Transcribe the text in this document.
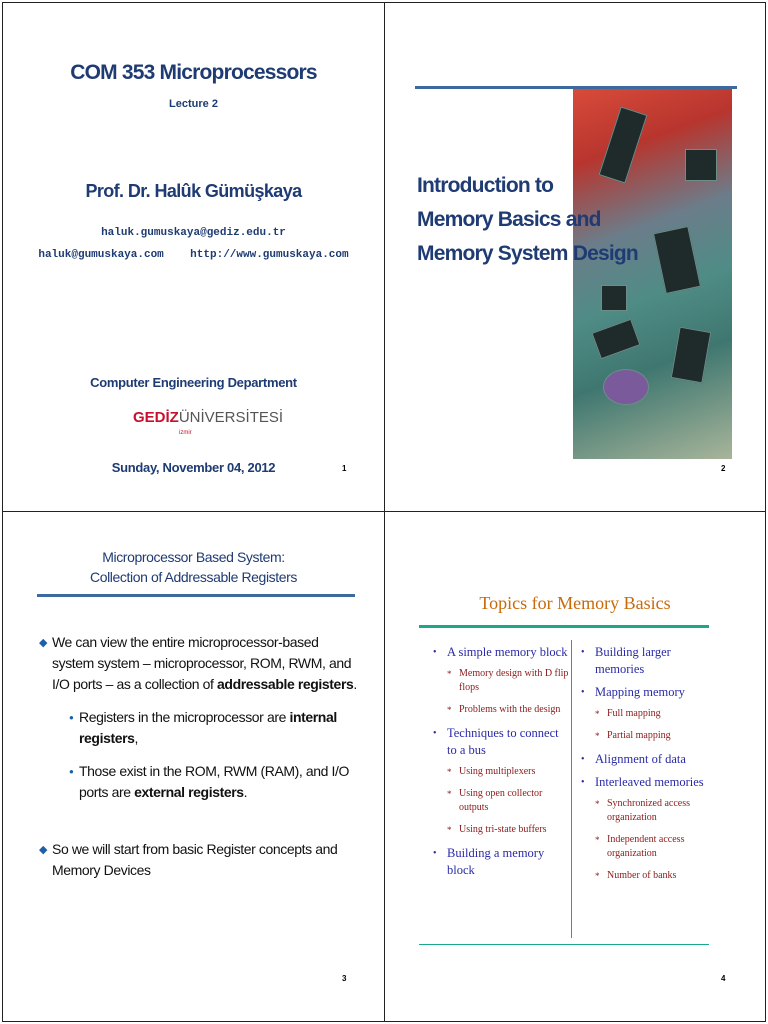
COM 353 Microprocessors
Lecture 2
Prof. Dr. Halûk Gümüşkaya
haluk.gumuskaya@gediz.edu.tr
haluk@gumuskaya.com    http://www.gumuskaya.com
Computer Engineering Department
GEDİZÜNİVERSİTESİ
izmir
Sunday, November 04, 2012	1
Introduction to
Memory Basics and
Memory System Design
2
Microprocessor Based System:
Collection of Addressable Registers
◆ We can view the entire microprocessor-based system system – microprocessor, ROM, RWM, and I/O ports – as a collection of addressable registers.
● Registers in the microprocessor are internal registers,
● Those exist in the ROM, RWM (RAM), and I/O ports are external registers.
◆ So we will start from basic Register concepts and Memory Devices
3
Topics for Memory Basics
• A simple memory block
* Memory design with D flip flops
* Problems with the design
• Techniques to connect to a bus
* Using multiplexers
* Using open collector outputs
* Using tri-state buffers
• Building a memory block
• Building larger memories
• Mapping memory
* Full mapping
* Partial mapping
• Alignment of data
• Interleaved memories
* Synchronized access organization
* Independent access organization
* Number of banks
4
